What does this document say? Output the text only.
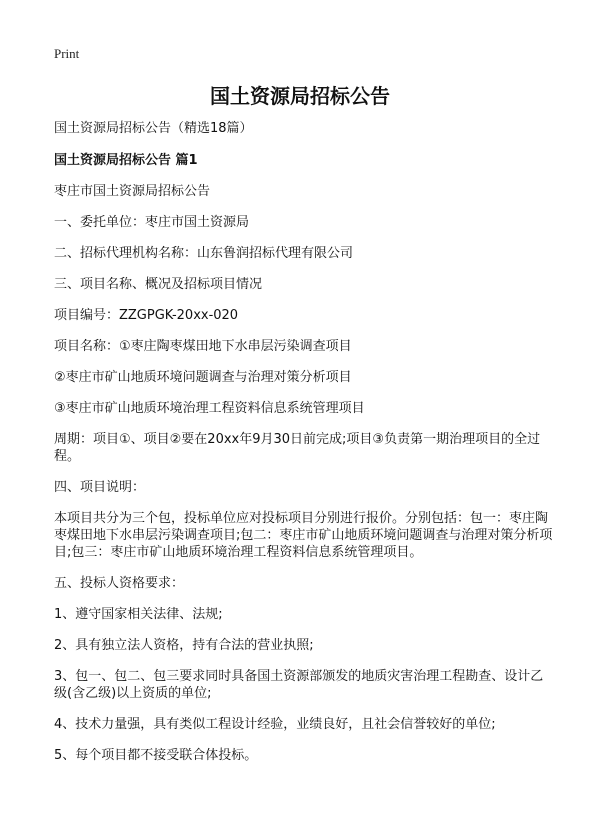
Print
国土资源局招标公告

国土资源局招标公告（精选18篇）

国土资源局招标公告 篇1

枣庄市国土资源局招标公告

一、委托单位：枣庄市国土资源局

二、招标代理机构名称：山东鲁润招标代理有限公司

三、项目名称、概况及招标项目情况

项目编号：ZZGPGK-20xx-020

项目名称：①枣庄陶枣煤田地下水串层污染调查项目

②枣庄市矿山地质环境问题调查与治理对策分析项目

③枣庄市矿山地质环境治理工程资料信息系统管理项目

周期：项目①、项目②要在20xx年9月30日前完成;项目③负责第一期治理项目的全过程。

四、项目说明：

本项目共分为三个包，投标单位应对投标项目分别进行报价。分别包括：包一：枣庄陶枣煤田地下水串层污染调查项目;包二：枣庄市矿山地质环境问题调查与治理对策分析项目;包三：枣庄市矿山地质环境治理工程资料信息系统管理项目。

五、投标人资格要求：

1、遵守国家相关法律、法规;

2、具有独立法人资格，持有合法的营业执照;

3、包一、包二、包三要求同时具备国土资源部颁发的地质灾害治理工程勘查、设计乙级(含乙级)以上资质的单位;

4、技术力量强，具有类似工程设计经验，业绩良好，且社会信誉较好的单位;

5、每个项目都不接受联合体投标。
